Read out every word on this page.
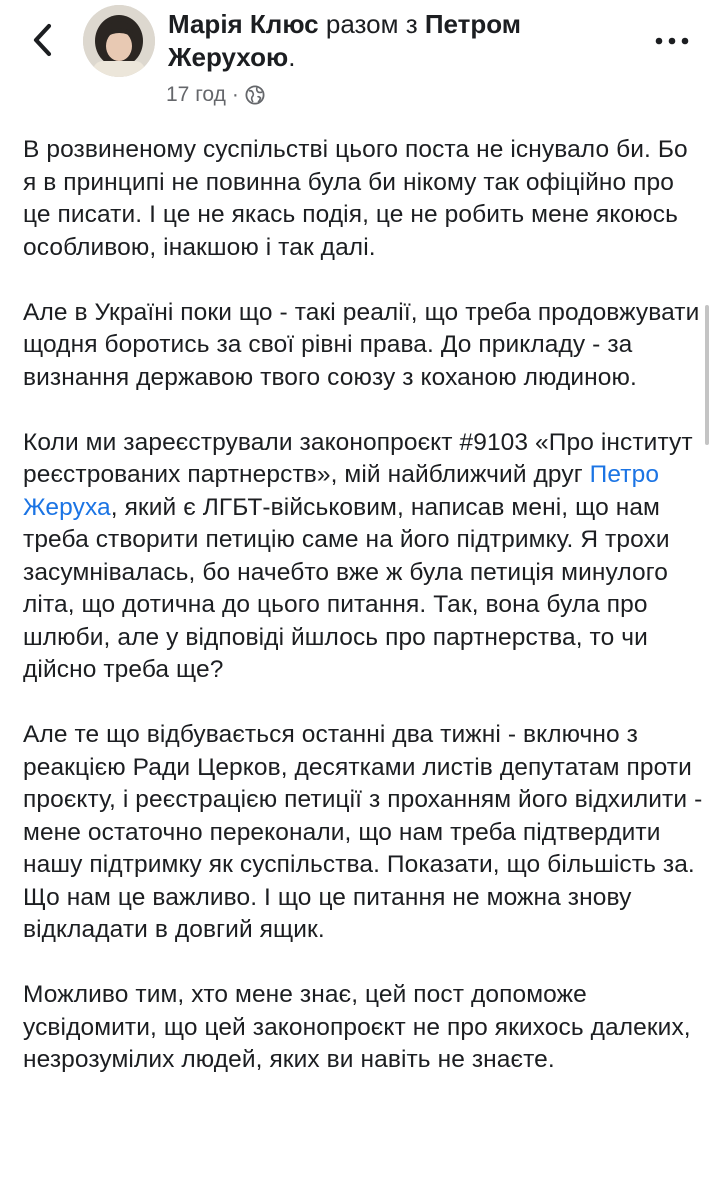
Марія Клюс разом з Петром
Жерухою.
17 год ·

В розвиненому суспільстві цього поста не існувало би. Бо я в принципі не повинна була би нікому так офіційно про це писати. І це не якась подія, це не робить мене якоюсь особливою, інакшою і так далі.

Але в Україні поки що - такі реалії, що треба продовжувати щодня боротись за свої рівні права. До прикладу - за визнання державою твого союзу з коханою людиною.

Коли ми зареєстрували законопроєкт #9103 «Про інститут реєстрованих партнерств», мій найближчий друг Петро Жеруха, який є ЛГБТ-військовим, написав мені, що нам треба створити петицію саме на його підтримку. Я трохи засумнівалась, бо начебто вже ж була петиція минулого літа, що дотична до цього питання. Так, вона була про шлюби, але у відповіді йшлось про партнерства, то чи дійсно треба ще?

Але те що відбувається останні два тижні - включно з реакцією Ради Церков, десятками листів депутатам проти проєкту, і реєстрацією петиції з проханням його відхилити - мене остаточно переконали, що нам треба підтвердити нашу підтримку як суспільства. Показати, що більшість за. Що нам це важливо. І що це питання не можна знову відкладати в довгий ящик.

Можливо тим, хто мене знає, цей пост допоможе усвідомити, що цей законопроєкт не про якихось далеких, незрозумілих людей, яких ви навіть не знаєте.
